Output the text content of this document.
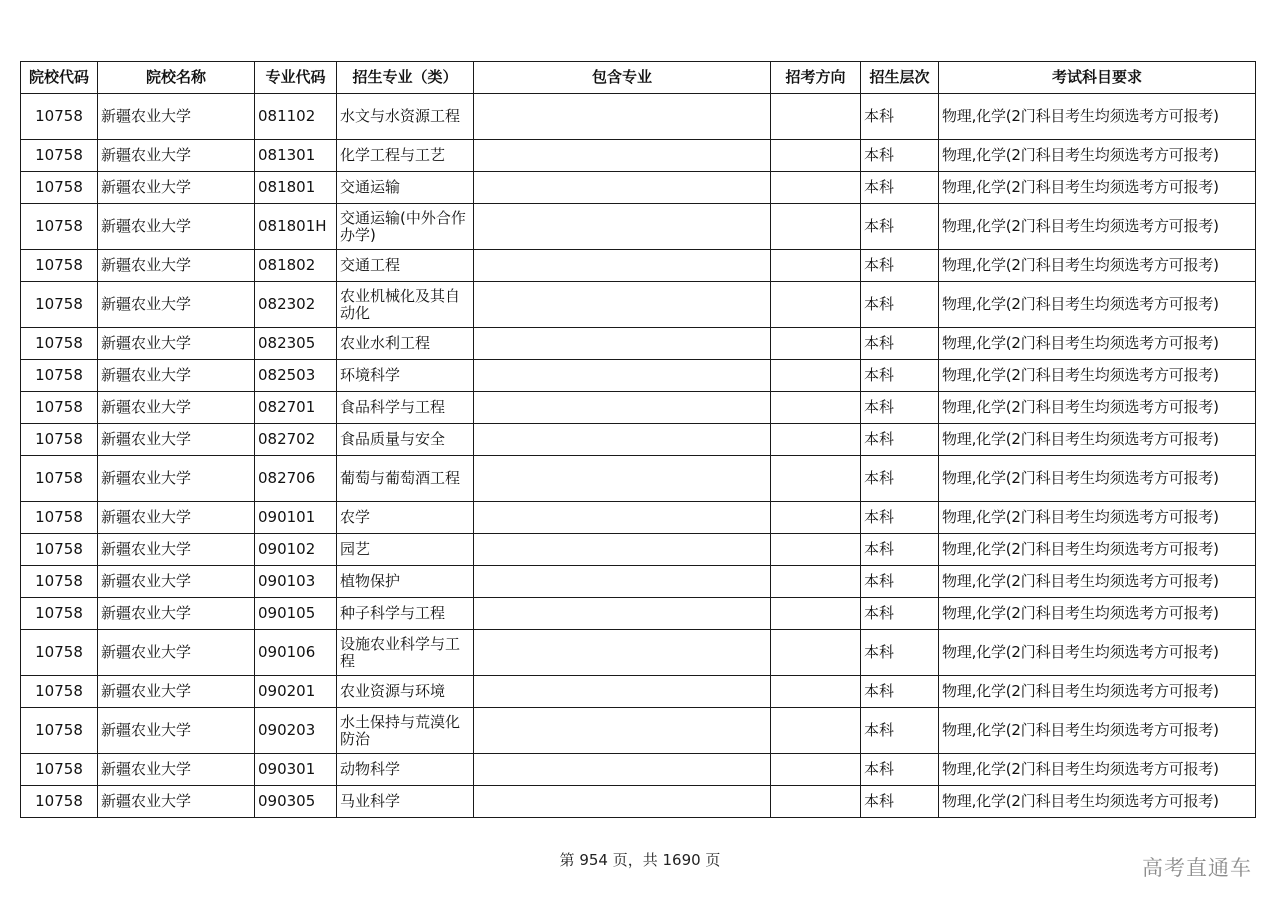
院校代码	院校名称	专业代码	招生专业（类）	包含专业	招考方向	招生层次	考试科目要求
10758	新疆农业大学	081102	水文与水资源工程			本科	物理,化学(2门科目考生均须选考方可报考)
10758	新疆农业大学	081301	化学工程与工艺			本科	物理,化学(2门科目考生均须选考方可报考)
10758	新疆农业大学	081801	交通运输			本科	物理,化学(2门科目考生均须选考方可报考)
10758	新疆农业大学	081801H	交通运输(中外合作办学)			本科	物理,化学(2门科目考生均须选考方可报考)
10758	新疆农业大学	081802	交通工程			本科	物理,化学(2门科目考生均须选考方可报考)
10758	新疆农业大学	082302	农业机械化及其自动化			本科	物理,化学(2门科目考生均须选考方可报考)
10758	新疆农业大学	082305	农业水利工程			本科	物理,化学(2门科目考生均须选考方可报考)
10758	新疆农业大学	082503	环境科学			本科	物理,化学(2门科目考生均须选考方可报考)
10758	新疆农业大学	082701	食品科学与工程			本科	物理,化学(2门科目考生均须选考方可报考)
10758	新疆农业大学	082702	食品质量与安全			本科	物理,化学(2门科目考生均须选考方可报考)
10758	新疆农业大学	082706	葡萄与葡萄酒工程			本科	物理,化学(2门科目考生均须选考方可报考)
10758	新疆农业大学	090101	农学			本科	物理,化学(2门科目考生均须选考方可报考)
10758	新疆农业大学	090102	园艺			本科	物理,化学(2门科目考生均须选考方可报考)
10758	新疆农业大学	090103	植物保护			本科	物理,化学(2门科目考生均须选考方可报考)
10758	新疆农业大学	090105	种子科学与工程			本科	物理,化学(2门科目考生均须选考方可报考)
10758	新疆农业大学	090106	设施农业科学与工程			本科	物理,化学(2门科目考生均须选考方可报考)
10758	新疆农业大学	090201	农业资源与环境			本科	物理,化学(2门科目考生均须选考方可报考)
10758	新疆农业大学	090203	水土保持与荒漠化防治			本科	物理,化学(2门科目考生均须选考方可报考)
10758	新疆农业大学	090301	动物科学			本科	物理,化学(2门科目考生均须选考方可报考)
10758	新疆农业大学	090305	马业科学			本科	物理,化学(2门科目考生均须选考方可报考)
第 954 页，共 1690 页	高考直通车
